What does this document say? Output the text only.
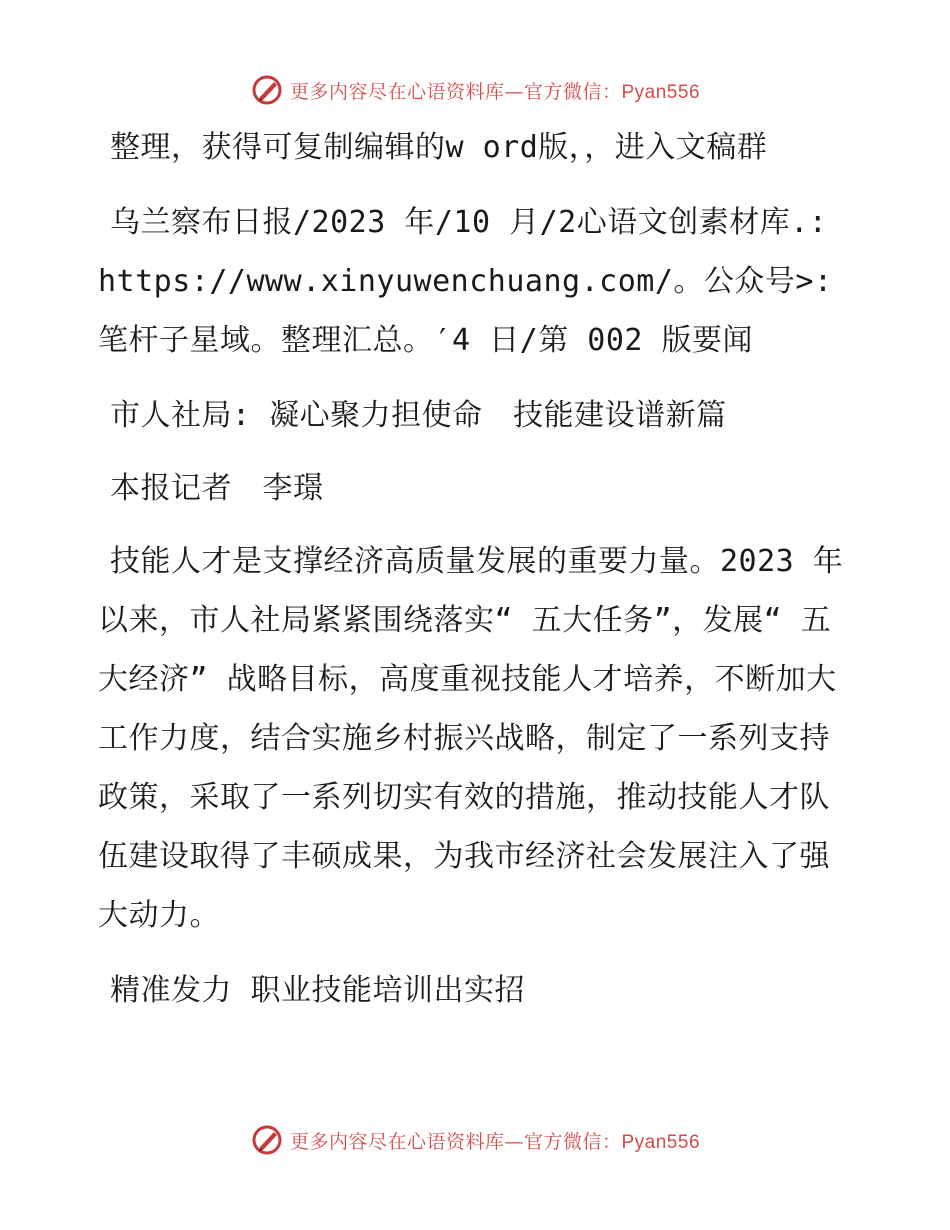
更多内容尽在心语资料库—官方微信：Pyan556

整理，获得可复制编辑的w ord版，，进入文稿群

乌兰察布日报/2023 年/10 月/2心语文创素材库.: https://www.xinyuwenchuang.com/。公众号>: 笔杆子星域。整理汇总。′4 日/第 002 版要闻

市人社局: 凝心聚力担使命　技能建设谱新篇

本报记者　李璟

技能人才是支撑经济高质量发展的重要力量。2023 年以来，市人社局紧紧围绕落实“ 五大任务”，发展“ 五大经济” 战略目标，高度重视技能人才培养，不断加大工作力度，结合实施乡村振兴战略，制定了一系列支持政策，采取了一系列切实有效的措施，推动技能人才队伍建设取得了丰硕成果，为我市经济社会发展注入了强大动力。

精准发力 职业技能培训出实招

更多内容尽在心语资料库—官方微信：Pyan556
